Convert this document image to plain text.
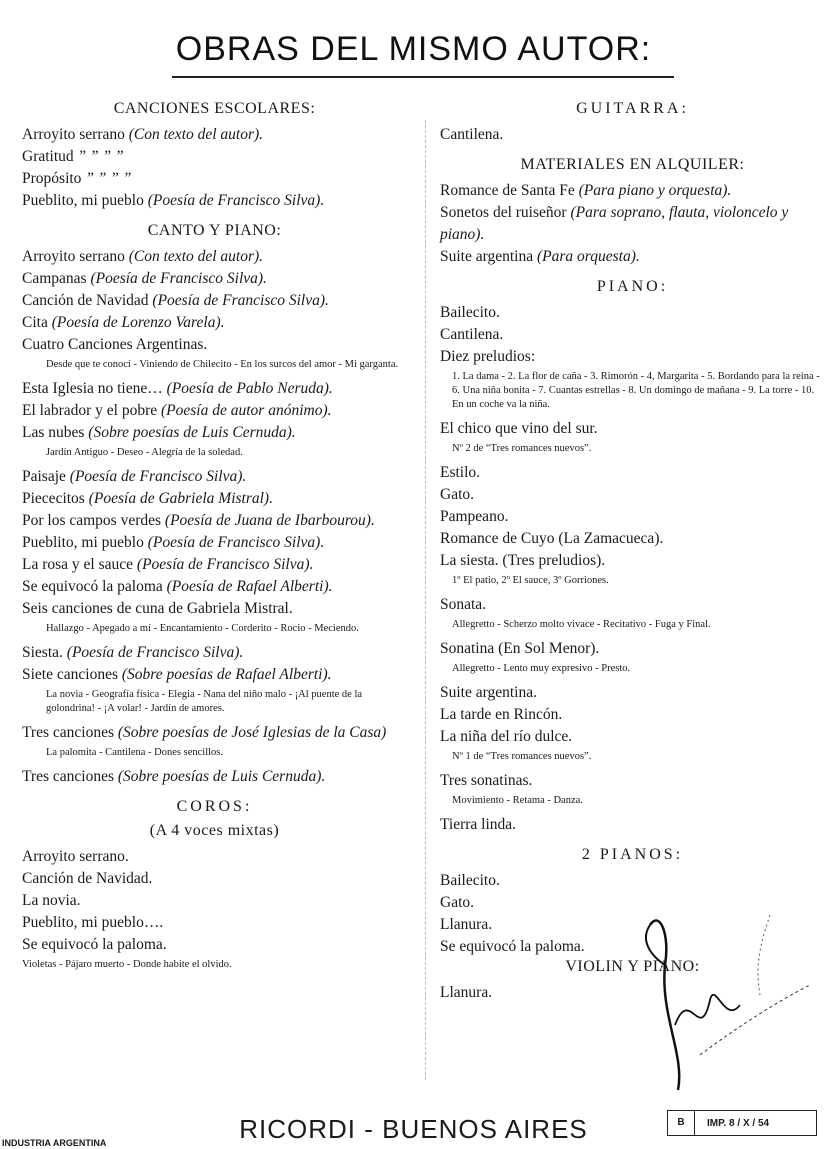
OBRAS DEL MISMO AUTOR:
CANCIONES ESCOLARES:
Arroyito serrano (Con texto del autor).
Gratitud ” ” ” ”
Propósito ” ” ” ”
Pueblito, mi pueblo (Poesía de Francisco Silva).
CANTO Y PIANO:
Arroyito serrano (Con texto del autor).
Campanas (Poesía de Francisco Silva).
Canción de Navidad (Poesía de Francisco Silva).
Cita (Poesía de Lorenzo Varela).
Cuatro Canciones Argentinas.
Desde que te conocí - Viniendo de Chilecito - En los surcos del amor - Mi garganta.
Esta Iglesia no tiene… (Poesía de Pablo Neruda).
El labrador y el pobre (Poesía de autor anónimo).
Las nubes (Sobre poesías de Luis Cernuda).
Jardín Antiguo - Deseo - Alegría de la soledad.
Paisaje (Poesía de Francisco Silva).
Piececitos (Poesía de Gabriela Mistral).
Por los campos verdes (Poesía de Juana de Ibarbourou).
Pueblito, mi pueblo (Poesía de Francisco Silva).
La rosa y el sauce (Poesía de Francisco Silva).
Se equivocó la paloma (Poesía de Rafael Alberti).
Seis canciones de cuna de Gabriela Mistral.
Hallazgo - Apegado a mí - Encantamiento - Corderito - Rocio - Meciendo.
Siesta. (Poesía de Francisco Silva).
Siete canciones (Sobre poesías de Rafael Alberti).
La novia - Geografía física - Elegia - Nana del niño malo - ¡Al puente de la golondrina! - ¡A volar! - Jardín de amores.
Tres canciones (Sobre poesías de José Iglesias de la Casa)
La palomita - Cantilena - Dones sencillos.
Tres canciones (Sobre poesías de Luis Cernuda).
COROS:
(A 4 voces mixtas)
Arroyito serrano.
Canción de Navidad.
La novia.
Pueblito, mi pueblo….
Se equivocó la paloma.
Violetas - Pájaro muerto - Donde habite el olvido.
GUITARRA:
Cantilena.
MATERIALES EN ALQUILER:
Romance de Santa Fe (Para piano y orquesta).
Sonetos del ruiseñor (Para soprano, flauta, violoncelo y piano).
Suite argentina (Para orquesta).
PIANO:
Bailecito.
Cantilena.
Diez preludios:
1. La dama - 2. La flor de caña - 3. Rimorón - 4, Margarita - 5. Bordando para la reina - 6. Una niña bonita - 7. Cuantas estrellas - 8. Un domingo de mañana - 9. La torre - 10. En un coche va la niña.
El chico que vino del sur.
Nº 2 de “Tres romances nuevos”.
Estilo.
Gato.
Pampeano.
Romance de Cuyo (La Zamacueca).
La siesta. (Tres preludios).
1º El patio, 2º El sauce, 3º Gorriones.
Sonata.
Allegretto - Scherzo molto vivace - Recitativo - Fuga y Final.
Sonatina (En Sol Menor).
Allegretto - Lento muy expresivo - Presto.
Suite argentina.
La tarde en Rincón.
La niña del río dulce.
Nº 1 de “Tres romances nuevos”.
Tres sonatinas.
Movimiento - Retama - Danza.
Tierra linda.
2 PIANOS:
Bailecito.
Gato.
Llanura.
Se equivocó la paloma.
VIOLIN Y PIANO:
Llanura.
RICORDI - BUENOS AIRES	B	IMP. 8 / X / 54
INDUSTRIA ARGENTINA
